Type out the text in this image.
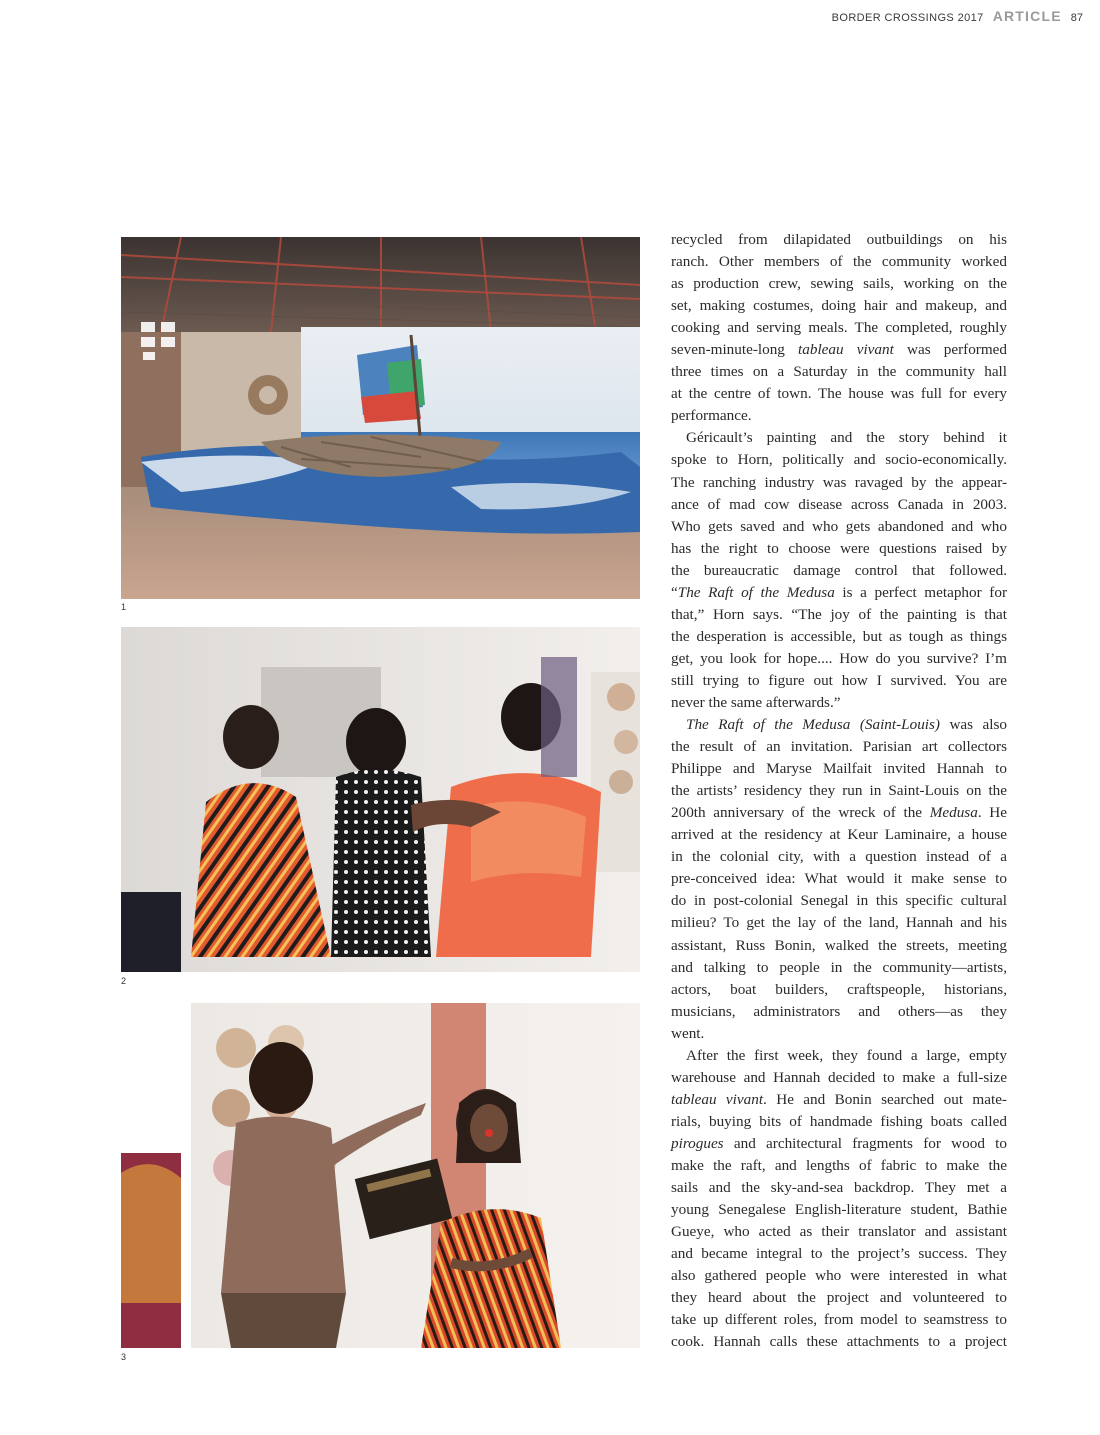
BORDER CROSSINGS 2017 ARTICLE 87
1
2
3
recycled from dilapidated outbuildings on his
ranch. Other members of the community worked
as production crew, sewing sails, working on the
set, making costumes, doing hair and makeup, and
cooking and serving meals. The completed, roughly
seven-minute-long tableau vivant was performed
three times on a Saturday in the community hall
at the centre of town. The house was full for every
performance.
Géricault’s painting and the story behind it
spoke to Horn, politically and socio-economically.
The ranching industry was ravaged by the appear-
ance of mad cow disease across Canada in 2003.
Who gets saved and who gets abandoned and who
has the right to choose were questions raised by
the bureaucratic damage control that followed.
“The Raft of the Medusa is a perfect metaphor for
that,” Horn says. “The joy of the painting is that
the desperation is accessible, but as tough as things
get, you look for hope.... How do you survive? I’m
still trying to figure out how I survived. You are
never the same afterwards.”
The Raft of the Medusa (Saint-Louis) was also
the result of an invitation. Parisian art collectors
Philippe and Maryse Mailfait invited Hannah to
the artists’ residency they run in Saint-Louis on the
200th anniversary of the wreck of the Medusa. He
arrived at the residency at Keur Laminaire, a house
in the colonial city, with a question instead of a
pre-conceived idea: What would it make sense to
do in post-colonial Senegal in this specific cultural
milieu? To get the lay of the land, Hannah and his
assistant, Russ Bonin, walked the streets, meeting
and talking to people in the community—artists,
actors, boat builders, craftspeople, historians,
musicians, administrators and others—as they
went.
After the first week, they found a large, empty
warehouse and Hannah decided to make a full-size
tableau vivant. He and Bonin searched out mate-
rials, buying bits of handmade fishing boats called
pirogues and architectural fragments for wood to
make the raft, and lengths of fabric to make the
sails and the sky-and-sea backdrop. They met a
young Senegalese English-literature student, Bathie
Gueye, who acted as their translator and assistant
and became integral to the project’s success. They
also gathered people who were interested in what
they heard about the project and volunteered to
take up different roles, from model to seamstress to
cook. Hannah calls these attachments to a project
